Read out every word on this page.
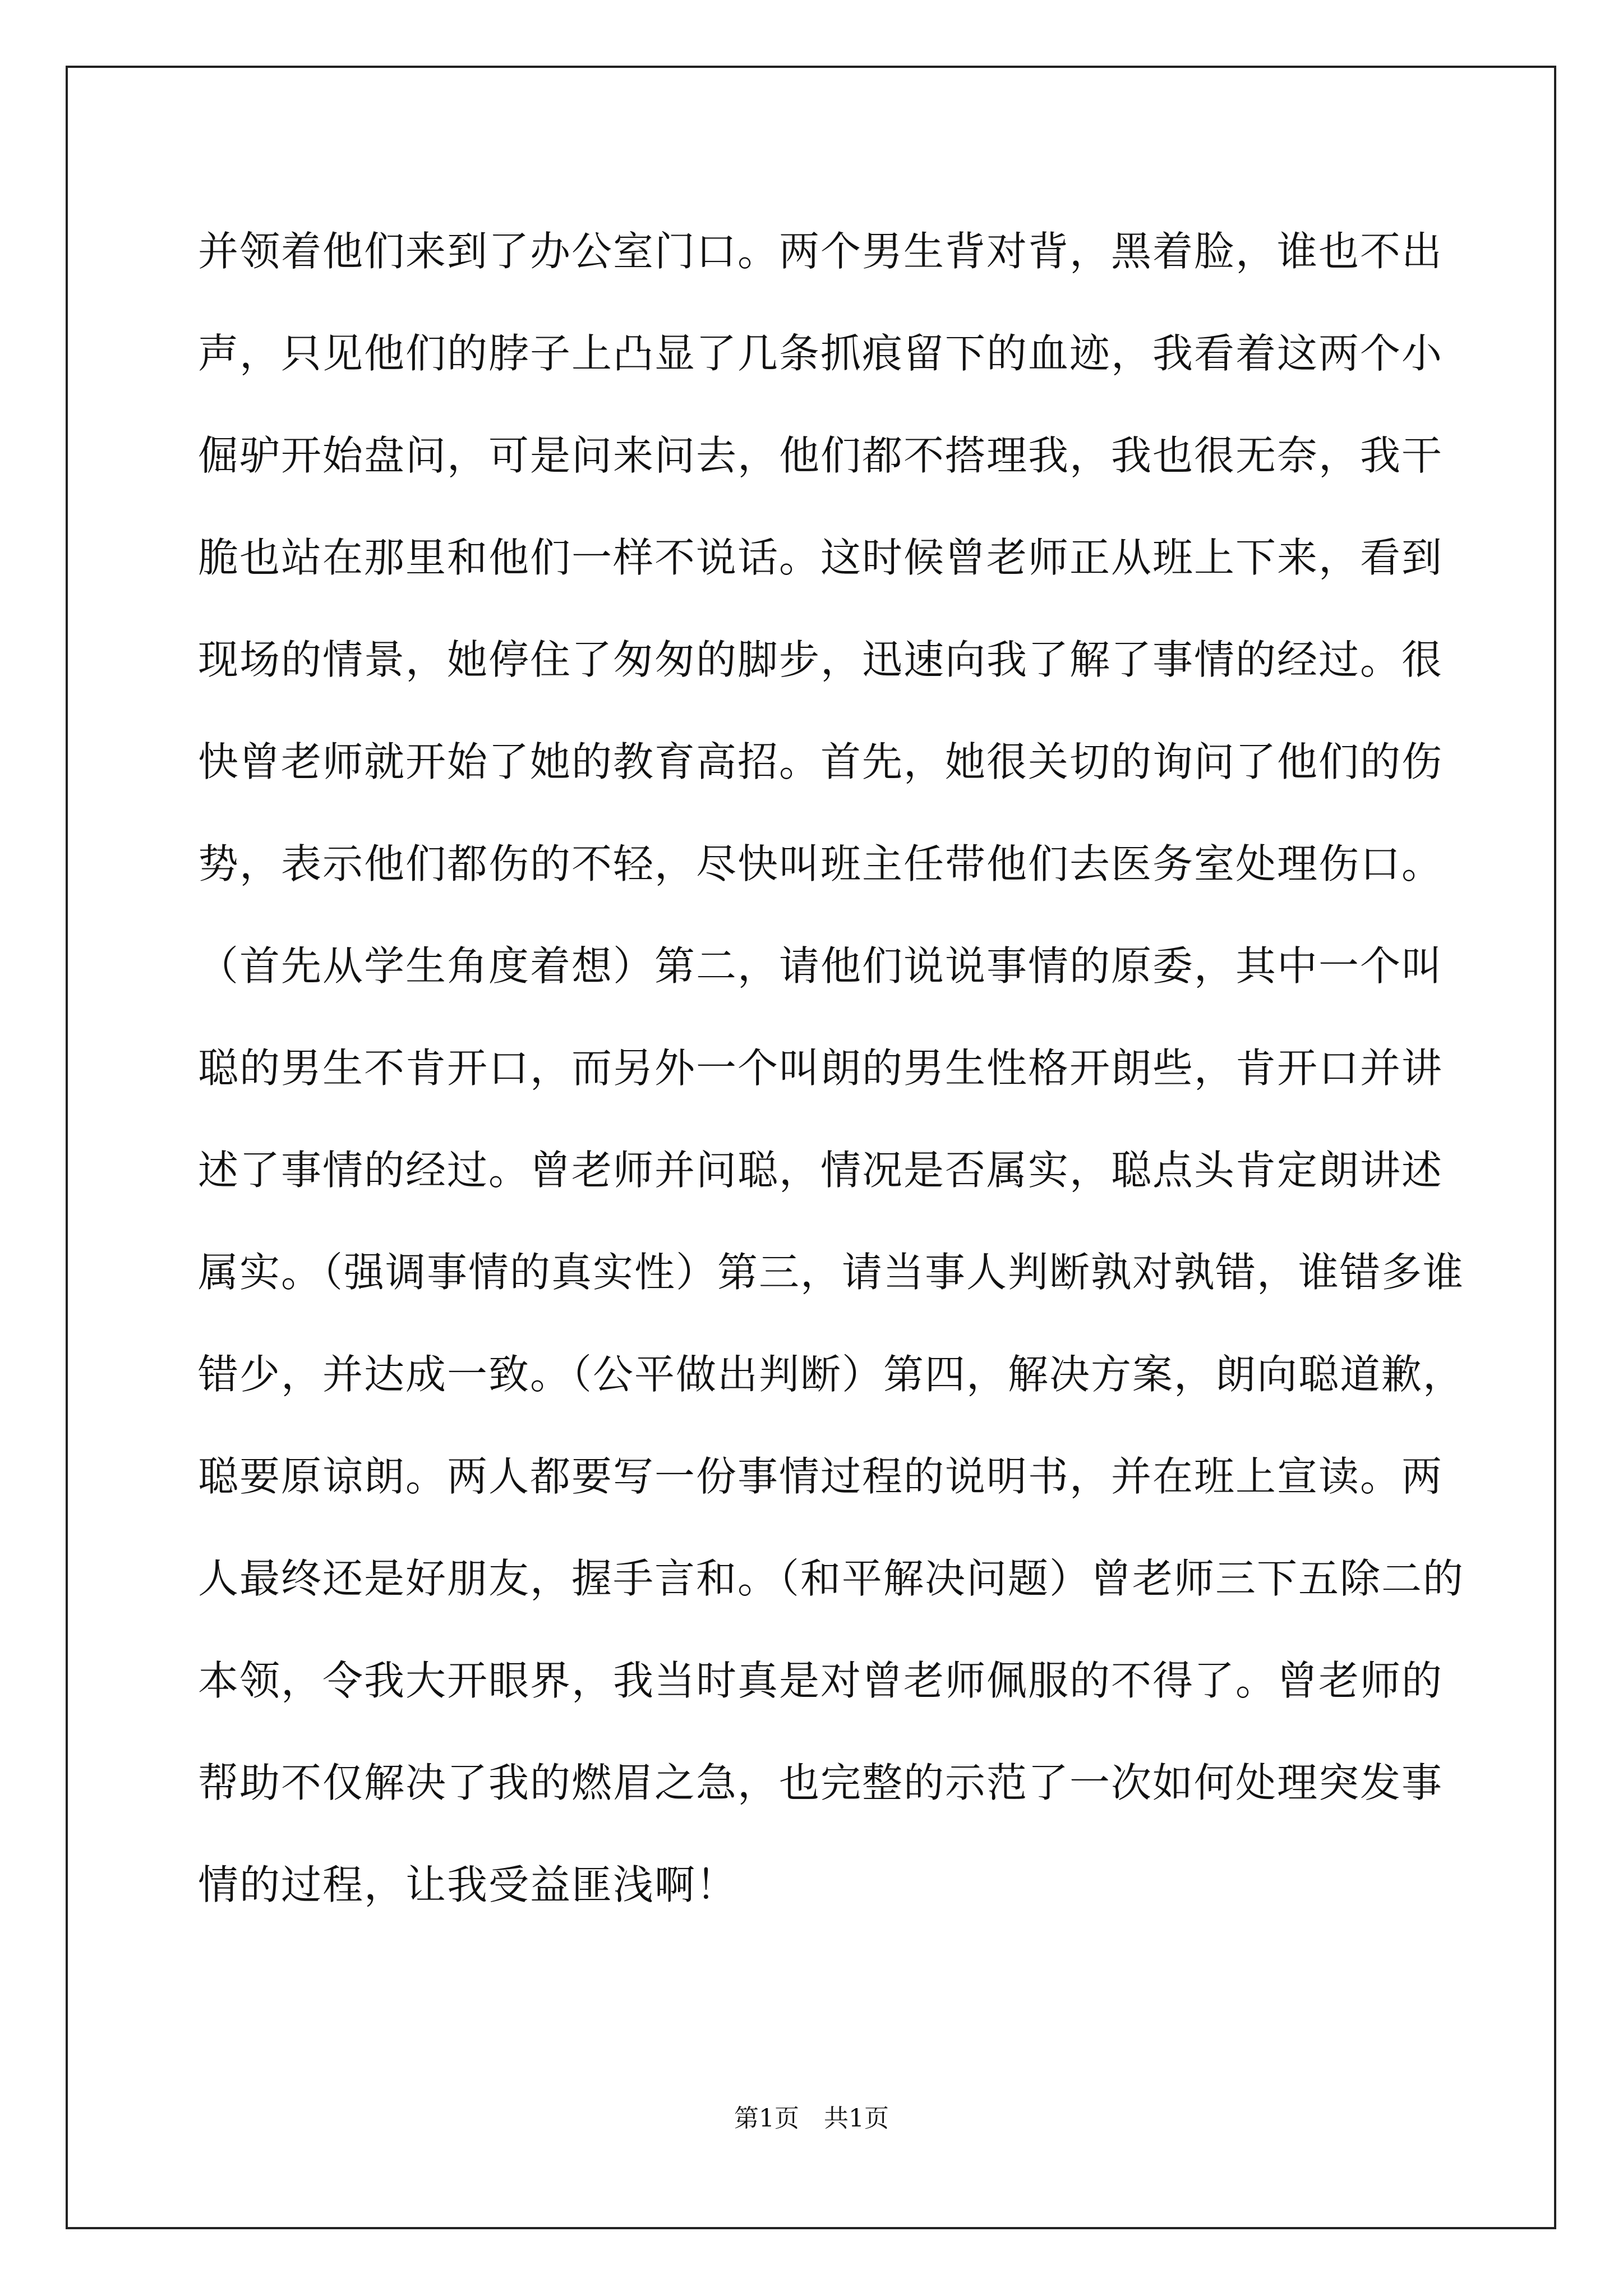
并领着他们来到了办公室门口。两个男生背对背，黑着脸，谁也不出
声，只见他们的脖子上凸显了几条抓痕留下的血迹，我看着这两个小
倔驴开始盘问，可是问来问去，他们都不搭理我，我也很无奈，我干
脆也站在那里和他们一样不说话。这时候曾老师正从班上下来，看到
现场的情景，她停住了匆匆的脚步，迅速向我了解了事情的经过。很
快曾老师就开始了她的教育高招。首先，她很关切的询问了他们的伤
势，表示他们都伤的不轻，尽快叫班主任带他们去医务室处理伤口。
（首先从学生角度着想）第二，请他们说说事情的原委，其中一个叫
聪的男生不肯开口，而另外一个叫朗的男生性格开朗些，肯开口并讲
述了事情的经过。曾老师并问聪，情况是否属实，聪点头肯定朗讲述
属实。（强调事情的真实性）第三，请当事人判断孰对孰错，谁错多谁
错少，并达成一致。（公平做出判断）第四，解决方案，朗向聪道歉，
聪要原谅朗。两人都要写一份事情过程的说明书，并在班上宣读。两
人最终还是好朋友，握手言和。（和平解决问题）曾老师三下五除二的
本领，令我大开眼界，我当时真是对曾老师佩服的不得了。曾老师的
帮助不仅解决了我的燃眉之急，也完整的示范了一次如何处理突发事
情的过程，让我受益匪浅啊！
第1页　共1页
